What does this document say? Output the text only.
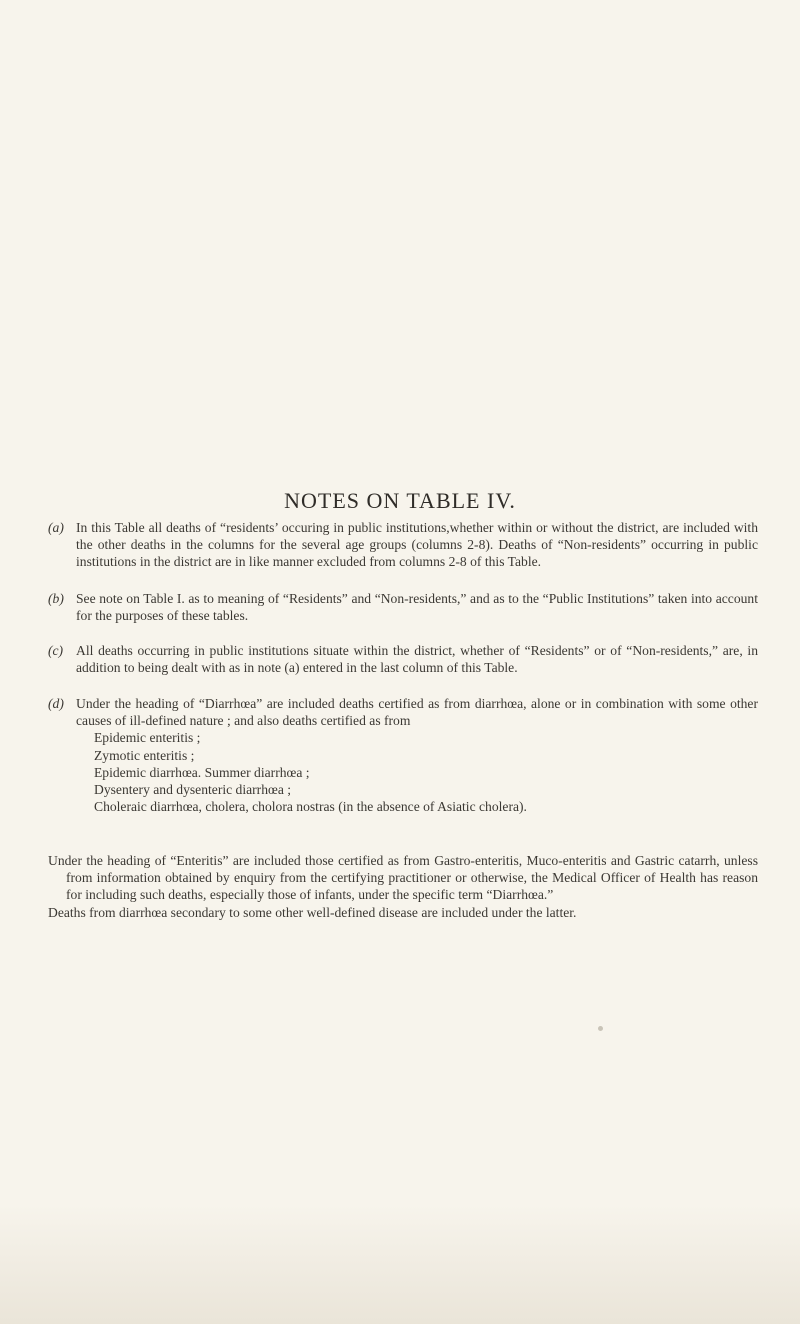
NOTES ON TABLE IV.
(a) In this Table all deaths of “residents’ occuring in public institutions,whether within or without the district, are included with the other deaths in the columns for the several age groups (columns 2-8). Deaths of “Non-residents” occurring in public institutions in the district are in like manner excluded from columns 2-8 of this Table.
(b) See note on Table I. as to meaning of “Residents” and “Non-residents,” and as to the “Public Institutions” taken into account for the purposes of these tables.
(c) All deaths occurring in public institutions situate within the district, whether of “Residents” or of “Non-residents,” are, in addition to being dealt with as in note (a) entered in the last column of this Table.
(d) Under the heading of “Diarrhœa” are included deaths certified as from diarrhœa, alone or in combination with some other causes of ill-defined nature ; and also deaths certified as from
Epidemic enteritis ;
Zymotic enteritis ;
Epidemic diarrhœa. Summer diarrhœa ;
Dysentery and dysenteric diarrhœa ;
Choleraic diarrhœa, cholera, cholora nostras (in the absence of Asiatic cholera).
Under the heading of “Enteritis” are included those certified as from Gastro-enteritis, Muco-enteritis and Gastric catarrh, unless from information obtained by enquiry from the certifying practitioner or otherwise, the Medical Officer of Health has reason for including such deaths, especially those of infants, under the specific term “Diarrhœa.”
Deaths from diarrhœa secondary to some other well-defined disease are included under the latter.
